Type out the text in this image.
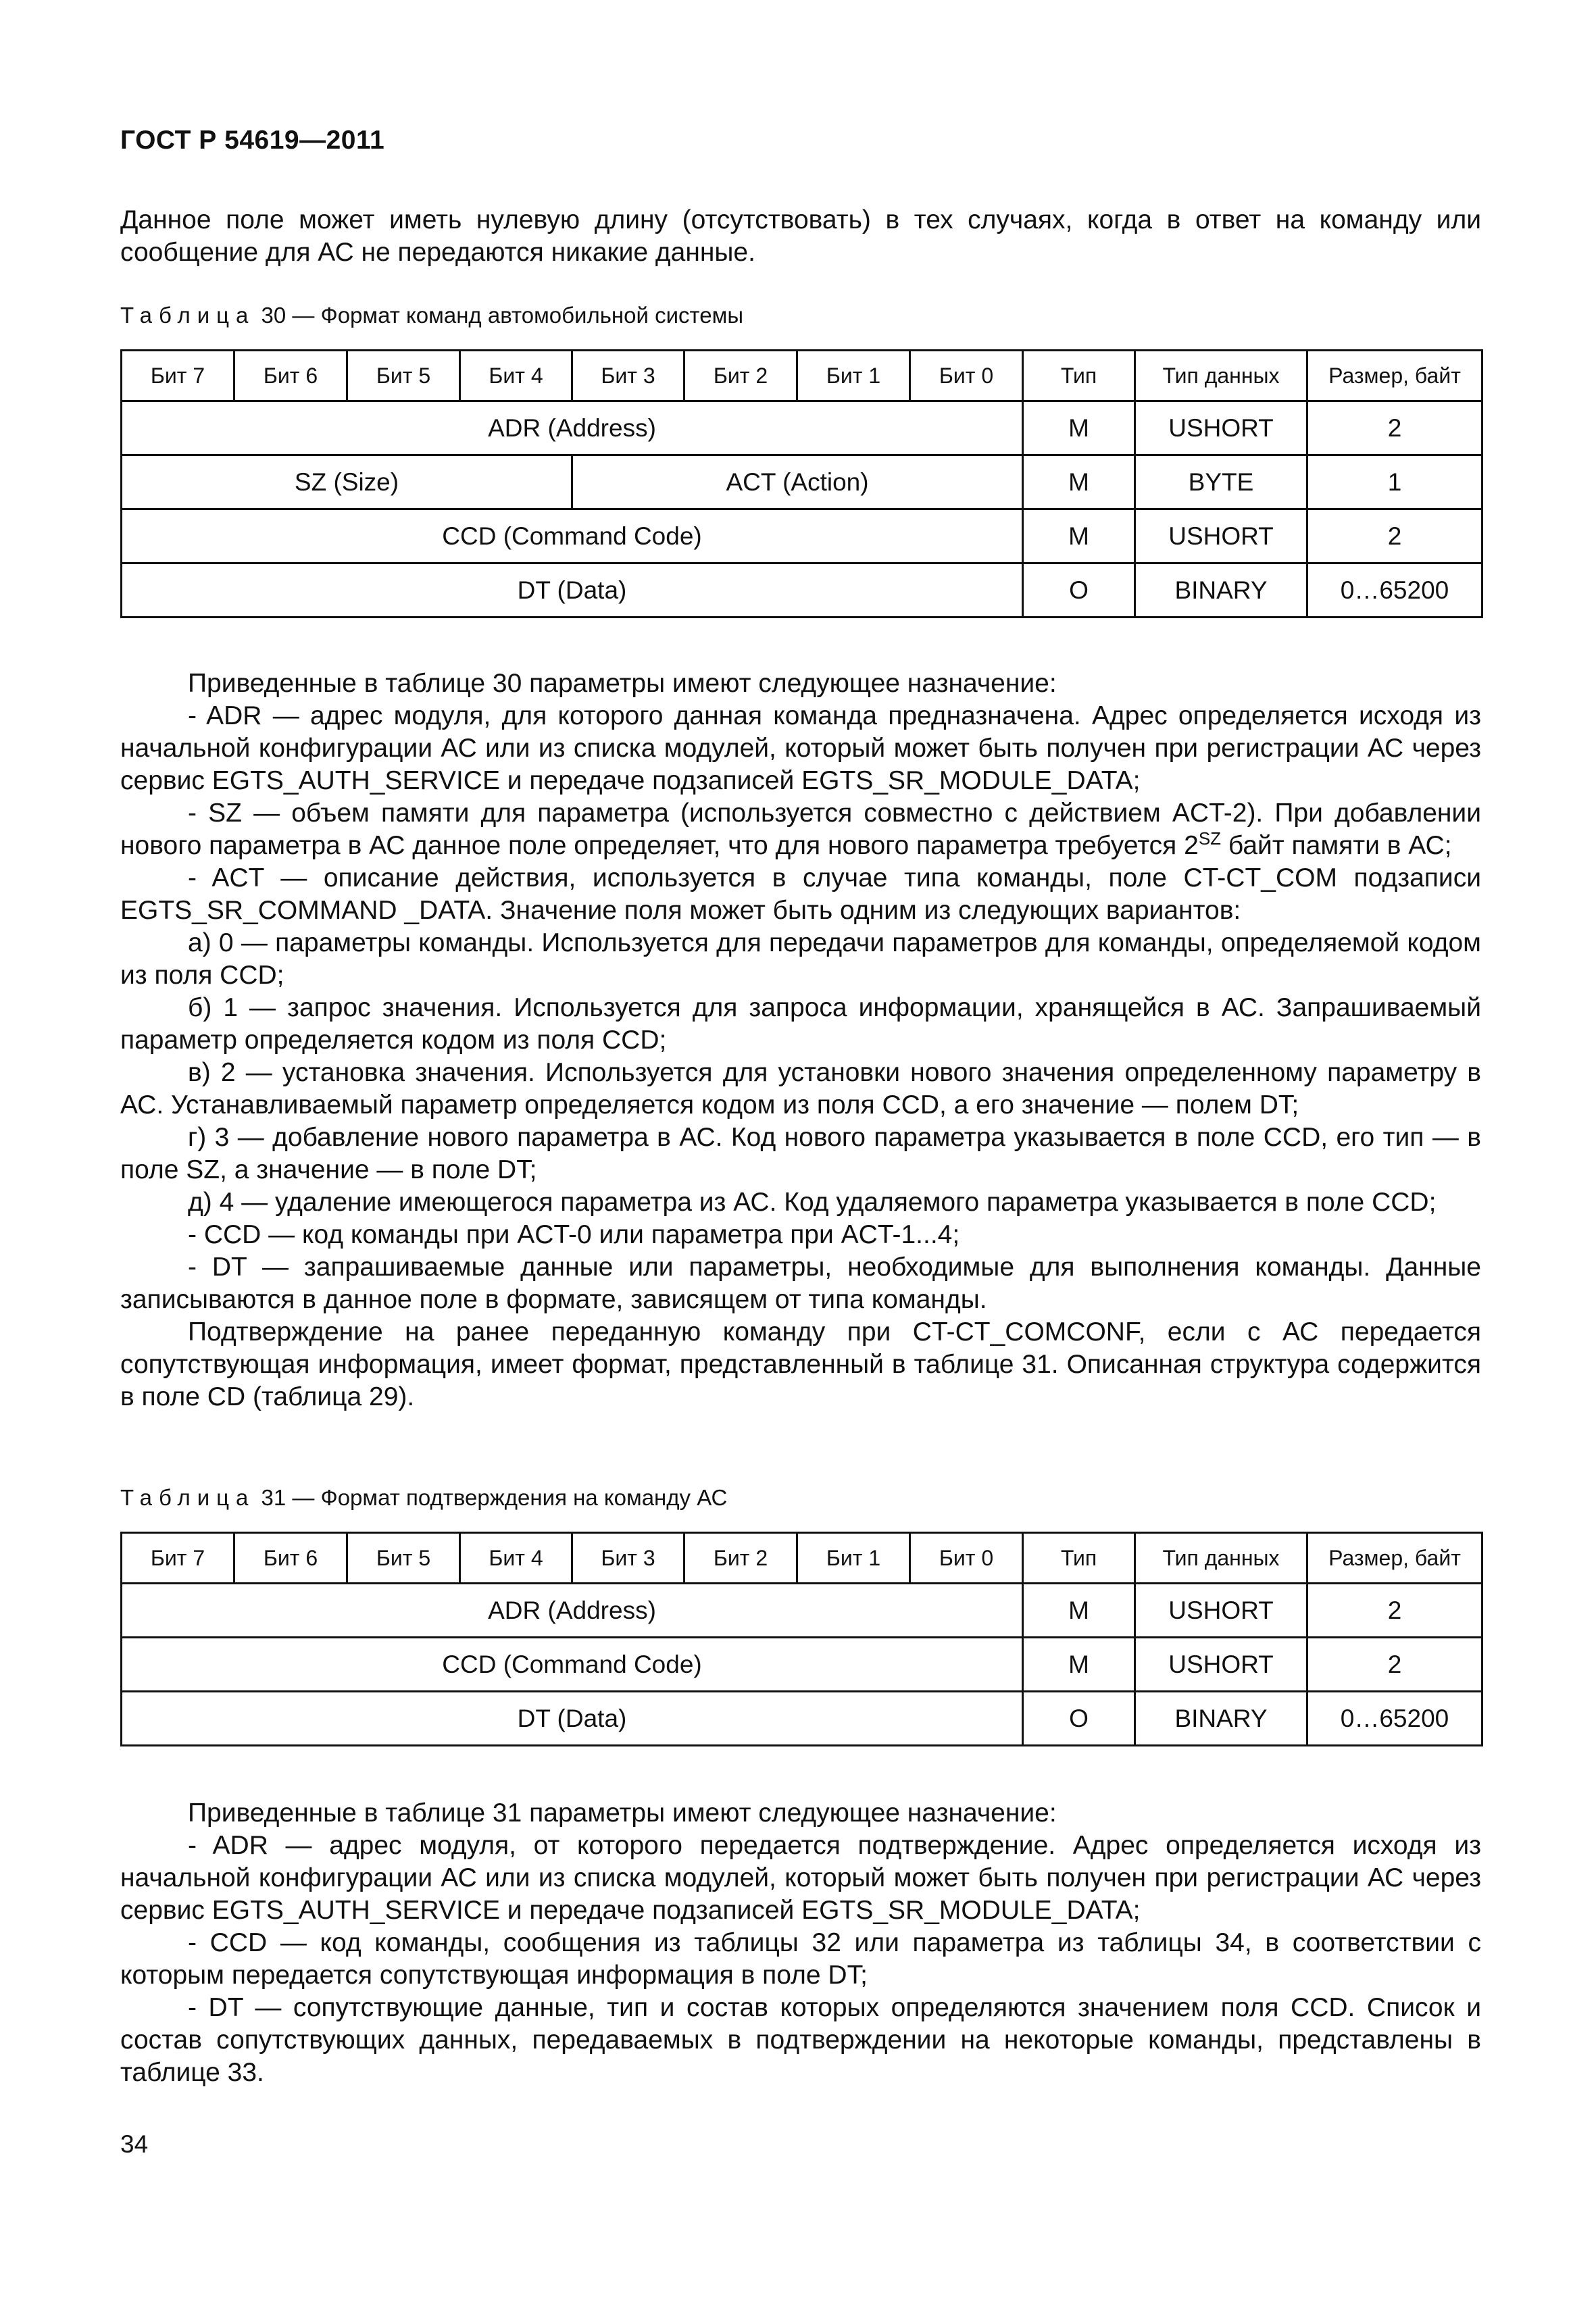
ГОСТ Р 54619—2011

Данное поле может иметь нулевую длину (отсутствовать) в тех случаях, когда в ответ на команду или сообщение для АС не передаются никакие данные.

Таблица 30 — Формат команд автомобильной системы
Бит 7	Бит 6	Бит 5	Бит 4	Бит 3	Бит 2	Бит 1	Бит 0	Тип	Тип данных	Размер, байт
ADR (Address)								M	USHORT	2
SZ (Size)				ACT (Action)				M	BYTE	1
CCD (Command Code)								M	USHORT	2
DT (Data)								O	BINARY	0…65200

Приведенные в таблице 30 параметры имеют следующее назначение:

- ADR — адрес модуля, для которого данная команда предназначена. Адрес определяется исходя из начальной конфигурации АС или из списка модулей, который может быть получен при регистрации АС через сервис EGTS_AUTH_SERVICE и передаче подзаписей EGTS_SR_MODULE_DATA;

- SZ — объем памяти для параметра (используется совместно с действием ACT-2). При добавлении нового параметра в АС данное поле определяет, что для нового параметра требуется $2^{SZ}$ байт памяти в АС;

- ACT — описание действия, используется в случае типа команды, поле CT-CT_COM подзаписи EGTS_SR_COMMAND _DATA. Значение поля может быть одним из следующих вариантов:

а) 0 — параметры команды. Используется для передачи параметров для команды, определяемой кодом из поля CCD;

б) 1 — запрос значения. Используется для запроса информации, хранящейся в АС. Запрашиваемый параметр определяется кодом из поля CCD;

в) 2 — установка значения. Используется для установки нового значения определенному параметру в АС. Устанавливаемый параметр определяется кодом из поля CCD, а его значение — полем DT;

г) 3 — добавление нового параметра в АС. Код нового параметра указывается в поле CCD, его тип — в поле SZ, а значение — в поле DT;

д) 4 — удаление имеющегося параметра из АС. Код удаляемого параметра указывается в поле CCD;

- CCD — код команды при ACT-0 или параметра при ACT-1...4;

- DT — запрашиваемые данные или параметры, необходимые для выполнения команды. Данные записываются в данное поле в формате, зависящем от типа команды.

Подтверждение на ранее переданную команду при CT-CT_COMCONF, если с АС передается сопутствующая информация, имеет формат, представленный в таблице 31. Описанная структура содержится в поле CD (таблица 29).

Таблица 31 — Формат подтверждения на команду АС
Бит 7	Бит 6	Бит 5	Бит 4	Бит 3	Бит 2	Бит 1	Бит 0	Тип	Тип данных	Размер, байт
ADR (Address)								M	USHORT	2
CCD (Command Code)								M	USHORT	2
DT (Data)								O	BINARY	0…65200

Приведенные в таблице 31 параметры имеют следующее назначение:

- ADR — адрес модуля, от которого передается подтверждение. Адрес определяется исходя из начальной конфигурации АС или из списка модулей, который может быть получен при регистрации АС через сервис EGTS_AUTH_SERVICE и передаче подзаписей EGTS_SR_MODULE_DATA;

- CCD — код команды, сообщения из таблицы 32 или параметра из таблицы 34, в соответствии с которым передается сопутствующая информация в поле DT;

- DT — сопутствующие данные, тип и состав которых определяются значением поля CCD. Список и состав сопутствующих данных, передаваемых в подтверждении на некоторые команды, представлены в таблице 33.

34
